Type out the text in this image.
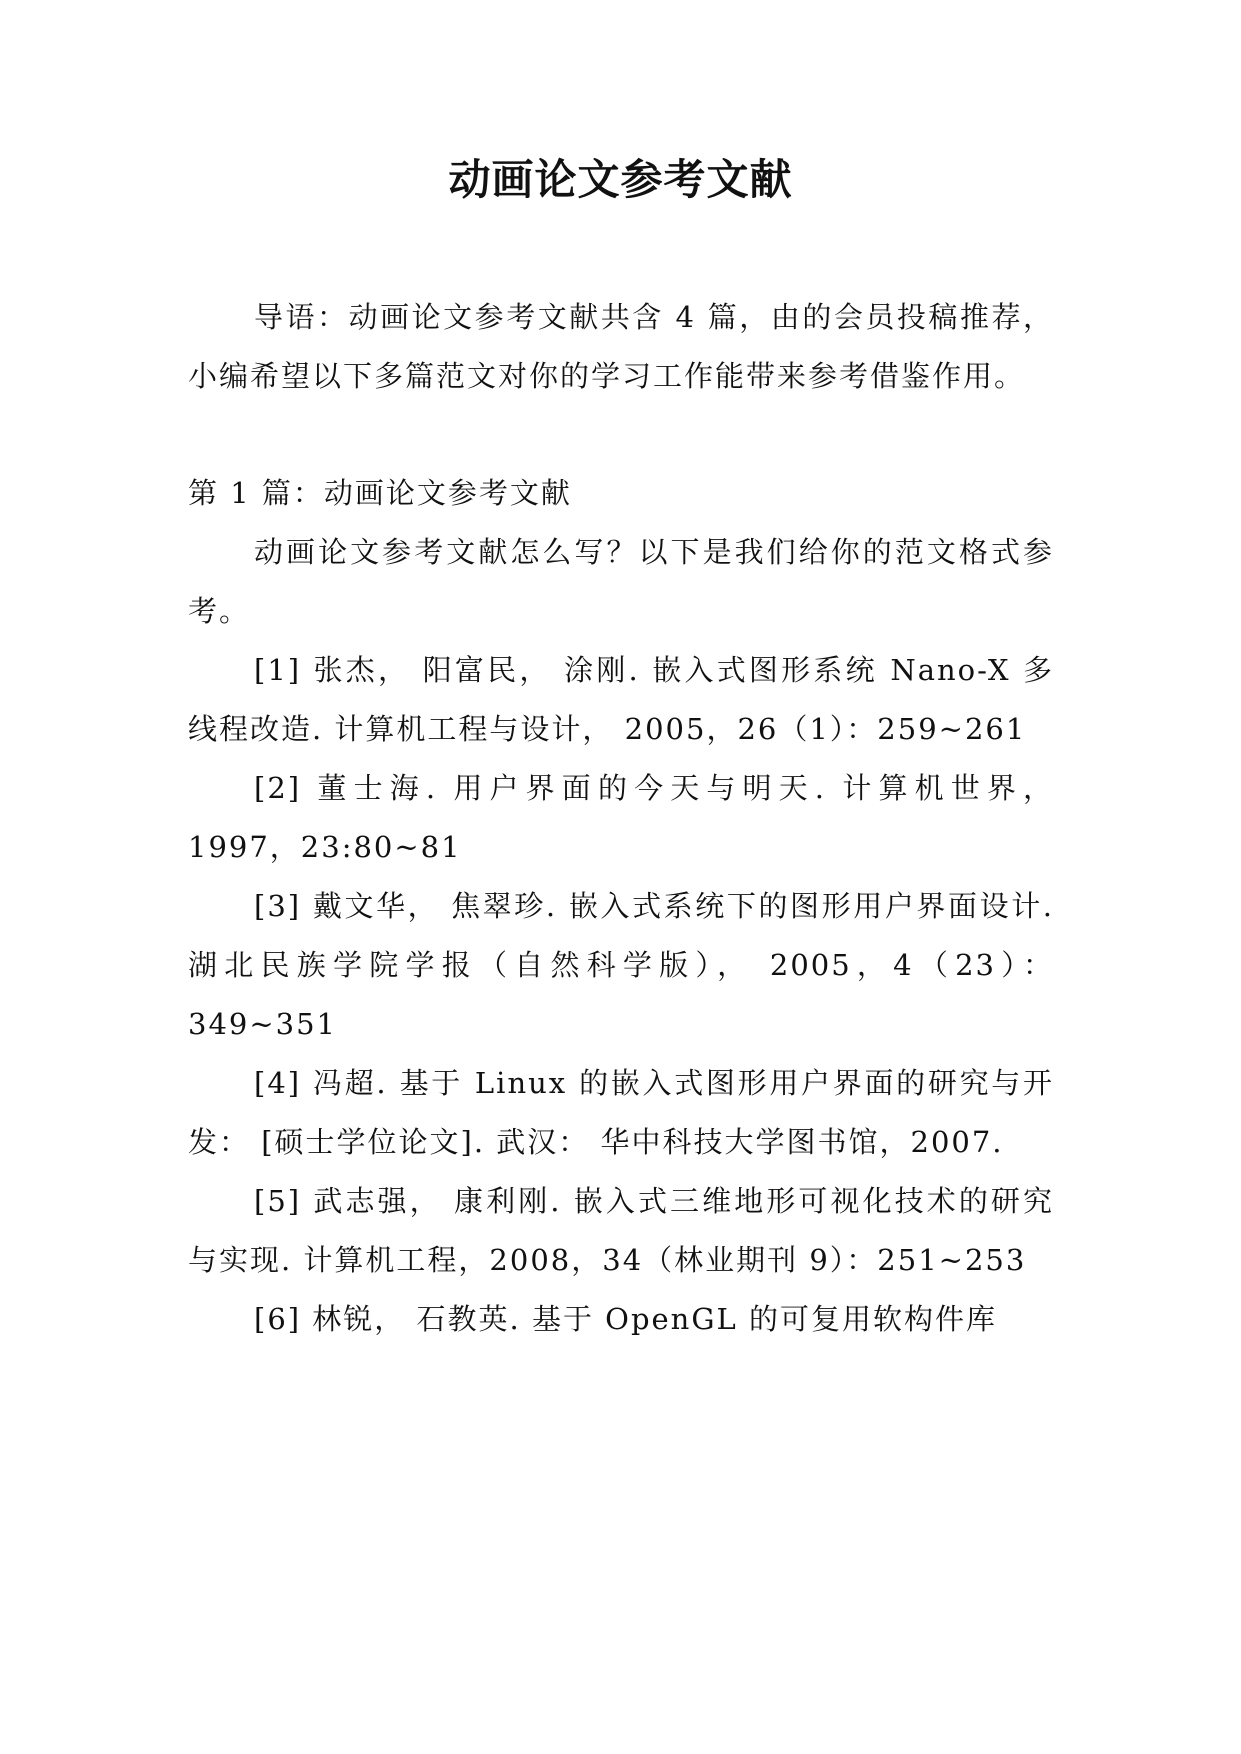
动画论文参考文献

导语：动画论文参考文献共含 4 篇，由的会员投稿推荐，小编希望以下多篇范文对你的学习工作能带来参考借鉴作用。

第 1 篇：动画论文参考文献

动画论文参考文献怎么写？以下是我们给你的范文格式参考。

[1] 张杰， 阳富民， 涂刚. 嵌入式图形系统 Nano-X 多线程改造. 计算机工程与设计， 2005，26（1）：259~261

[2] 董士海. 用户界面的今天与明天. 计算机世界，1997，23:80~81

[3] 戴文华， 焦翠珍. 嵌入式系统下的图形用户界面设计. 湖北民族学院学报（自然科学版）， 2005，4（23）：349~351

[4] 冯超. 基于 Linux 的嵌入式图形用户界面的研究与开发： [硕士学位论文]. 武汉： 华中科技大学图书馆，2007.

[5] 武志强， 康利刚. 嵌入式三维地形可视化技术的研究与实现. 计算机工程，2008，34（林业期刊 9）：251~253

[6] 林锐， 石教英. 基于 OpenGL 的可复用软构件库
